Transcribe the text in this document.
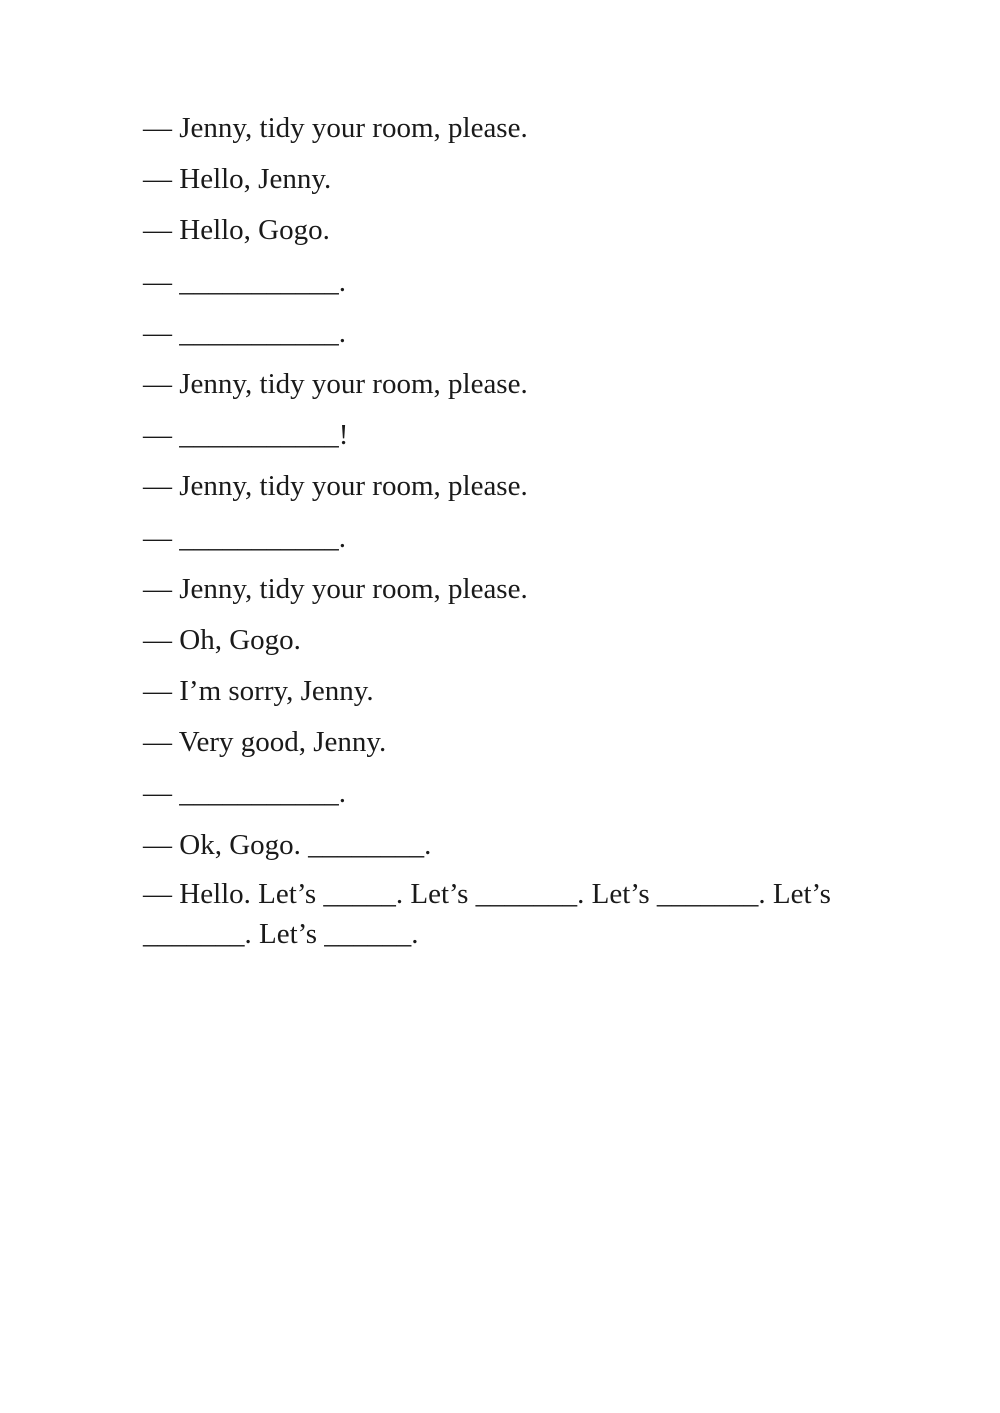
— Jenny, tidy your room, please.
— Hello, Jenny.
— Hello, Gogo.
— ___________.
— ___________.
— Jenny, tidy your room, please.
— ___________!
— Jenny, tidy your room, please.
— ___________.
— Jenny, tidy your room, please.
— Oh, Gogo.
— I’m sorry, Jenny.
— Very good, Jenny.
— ___________.
— Ok, Gogo. ________.
— Hello. Let’s _____. Let’s _______. Let’s _______. Let’s _______. Let’s ______.
